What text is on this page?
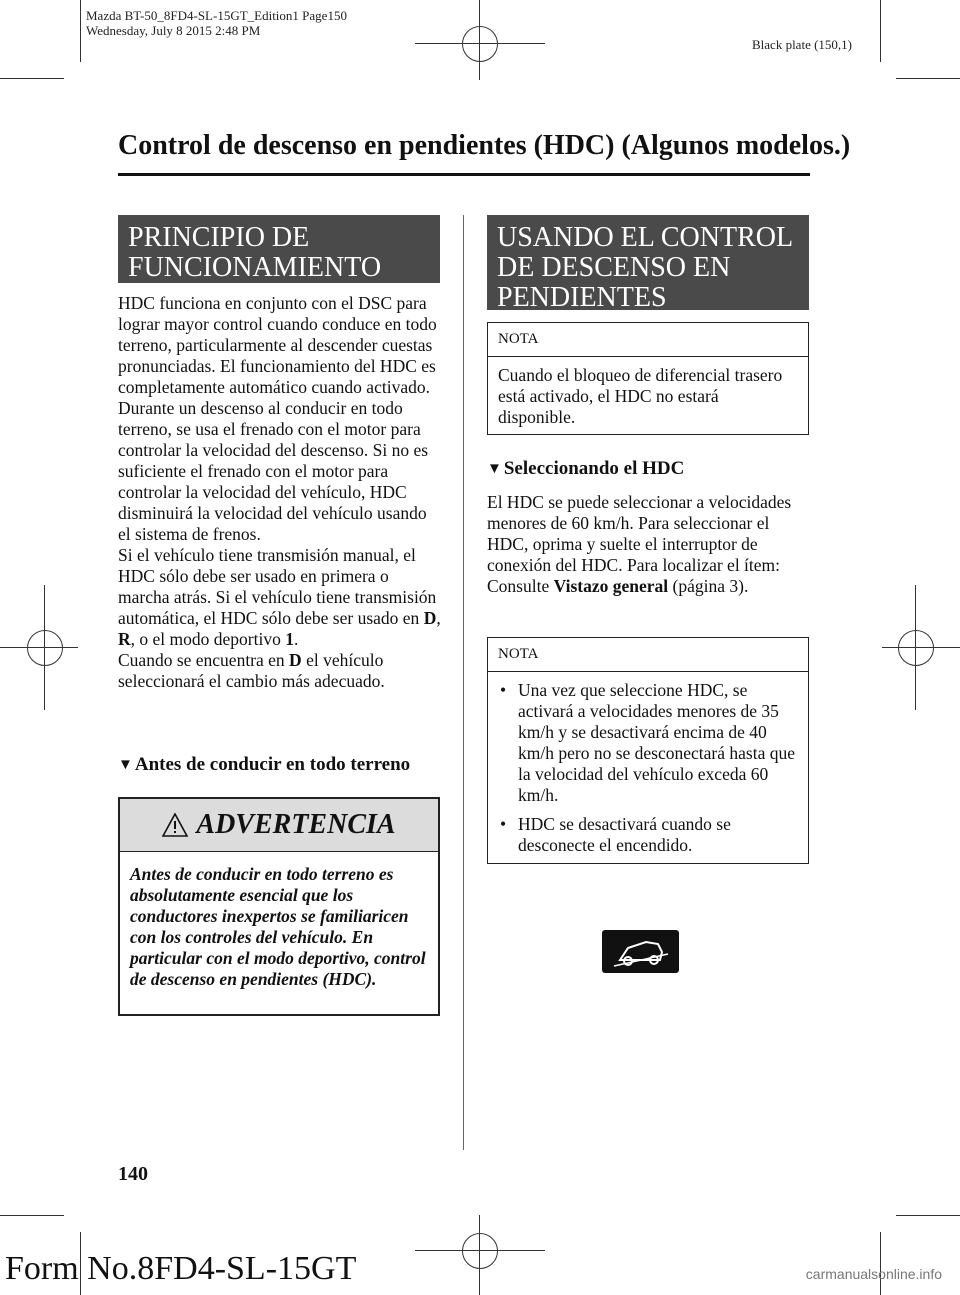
Mazda BT-50_8FD4-SL-15GT_Edition1 Page150
Wednesday, July 8 2015 2:48 PM
Black plate (150,1)
Control de descenso en pendientes (HDC) (Algunos modelos.)
PRINCIPIO DE FUNCIONAMIENTO
HDC funciona en conjunto con el DSC para lograr mayor control cuando conduce en todo terreno, particularmente al descender cuestas pronunciadas. El funcionamiento del HDC es completamente automático cuando activado.
Durante un descenso al conducir en todo terreno, se usa el frenado con el motor para controlar la velocidad del descenso. Si no es suficiente el frenado con el motor para controlar la velocidad del vehículo, HDC disminuirá la velocidad del vehículo usando el sistema de frenos.
Si el vehículo tiene transmisión manual, el HDC sólo debe ser usado en primera o marcha atrás. Si el vehículo tiene transmisión automática, el HDC sólo debe ser usado en D, R, o el modo deportivo 1.
Cuando se encuentra en D el vehículo seleccionará el cambio más adecuado.
▼ Antes de conducir en todo terreno
ADVERTENCIA
Antes de conducir en todo terreno es absolutamente esencial que los conductores inexpertos se familiaricen con los controles del vehículo. En particular con el modo deportivo, control de descenso en pendientes (HDC).
USANDO EL CONTROL DE DESCENSO EN PENDIENTES
NOTA
Cuando el bloqueo de diferencial trasero está activado, el HDC no estará disponible.
▼ Seleccionando el HDC
El HDC se puede seleccionar a velocidades menores de 60 km/h. Para seleccionar el HDC, oprima y suelte el interruptor de conexión del HDC. Para localizar el ítem: Consulte Vistazo general (página 3).
NOTA
• Una vez que seleccione HDC, se activará a velocidades menores de 35 km/h y se desactivará encima de 40 km/h pero no se desconectará hasta que la velocidad del vehículo exceda 60 km/h.
• HDC se desactivará cuando se desconecte el encendido.
140
Form No.8FD4-SL-15GT	carmanualsonline.info
